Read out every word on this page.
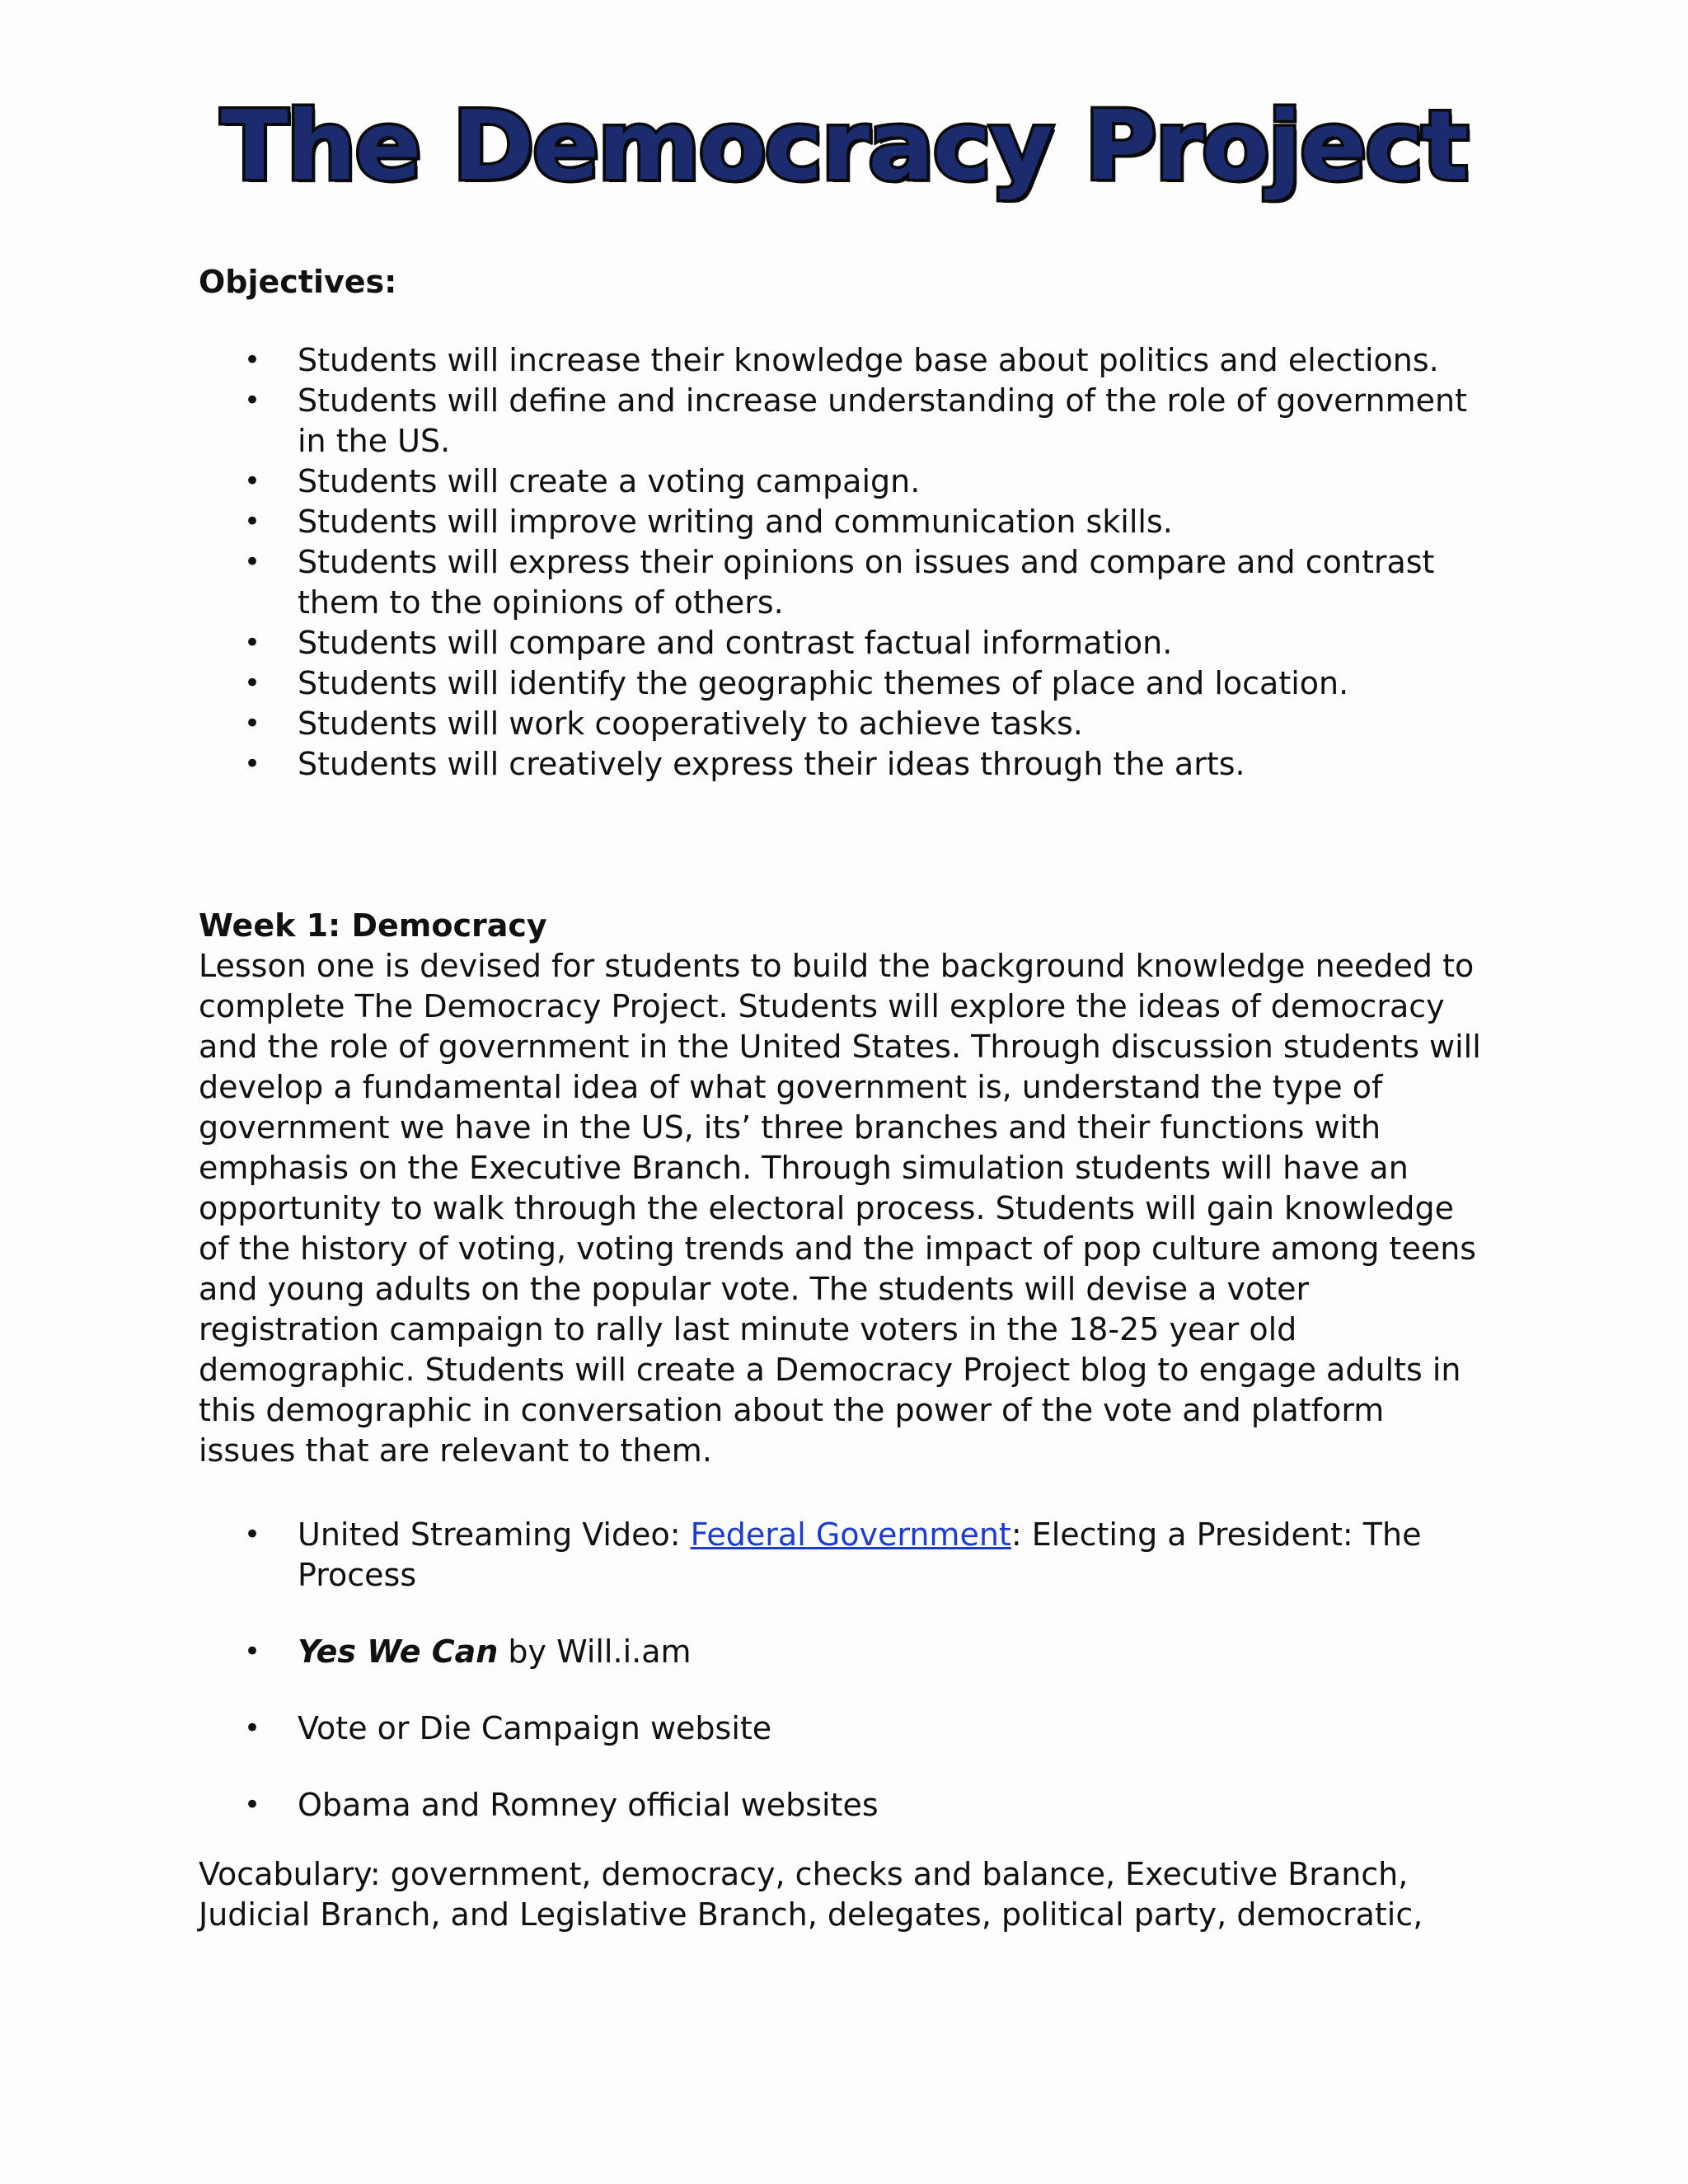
The Democracy Project

Objectives:

• Students will increase their knowledge base about politics and elections.
• Students will define and increase understanding of the role of government in the US.
• Students will create a voting campaign.
• Students will improve writing and communication skills.
• Students will express their opinions on issues and compare and contrast them to the opinions of others.
• Students will compare and contrast factual information.
• Students will identify the geographic themes of place and location.
• Students will work cooperatively to achieve tasks.
• Students will creatively express their ideas through the arts.

Week 1: Democracy

Lesson one is devised for students to build the background knowledge needed to complete The Democracy Project. Students will explore the ideas of democracy and the role of government in the United States. Through discussion students will develop a fundamental idea of what government is, understand the type of government we have in the US, its’ three branches and their functions with emphasis on the Executive Branch. Through simulation students will have an opportunity to walk through the electoral process. Students will gain knowledge of the history of voting, voting trends and the impact of pop culture among teens and young adults on the popular vote. The students will devise a voter registration campaign to rally last minute voters in the 18-25 year old demographic. Students will create a Democracy Project blog to engage adults in this demographic in conversation about the power of the vote and platform issues that are relevant to them.

• United Streaming Video: Federal Government: Electing a President: The Process
• Yes We Can by Will.i.am
• Vote or Die Campaign website
• Obama and Romney official websites

Vocabulary: government, democracy, checks and balance, Executive Branch, Judicial Branch, and Legislative Branch, delegates, political party, democratic,
